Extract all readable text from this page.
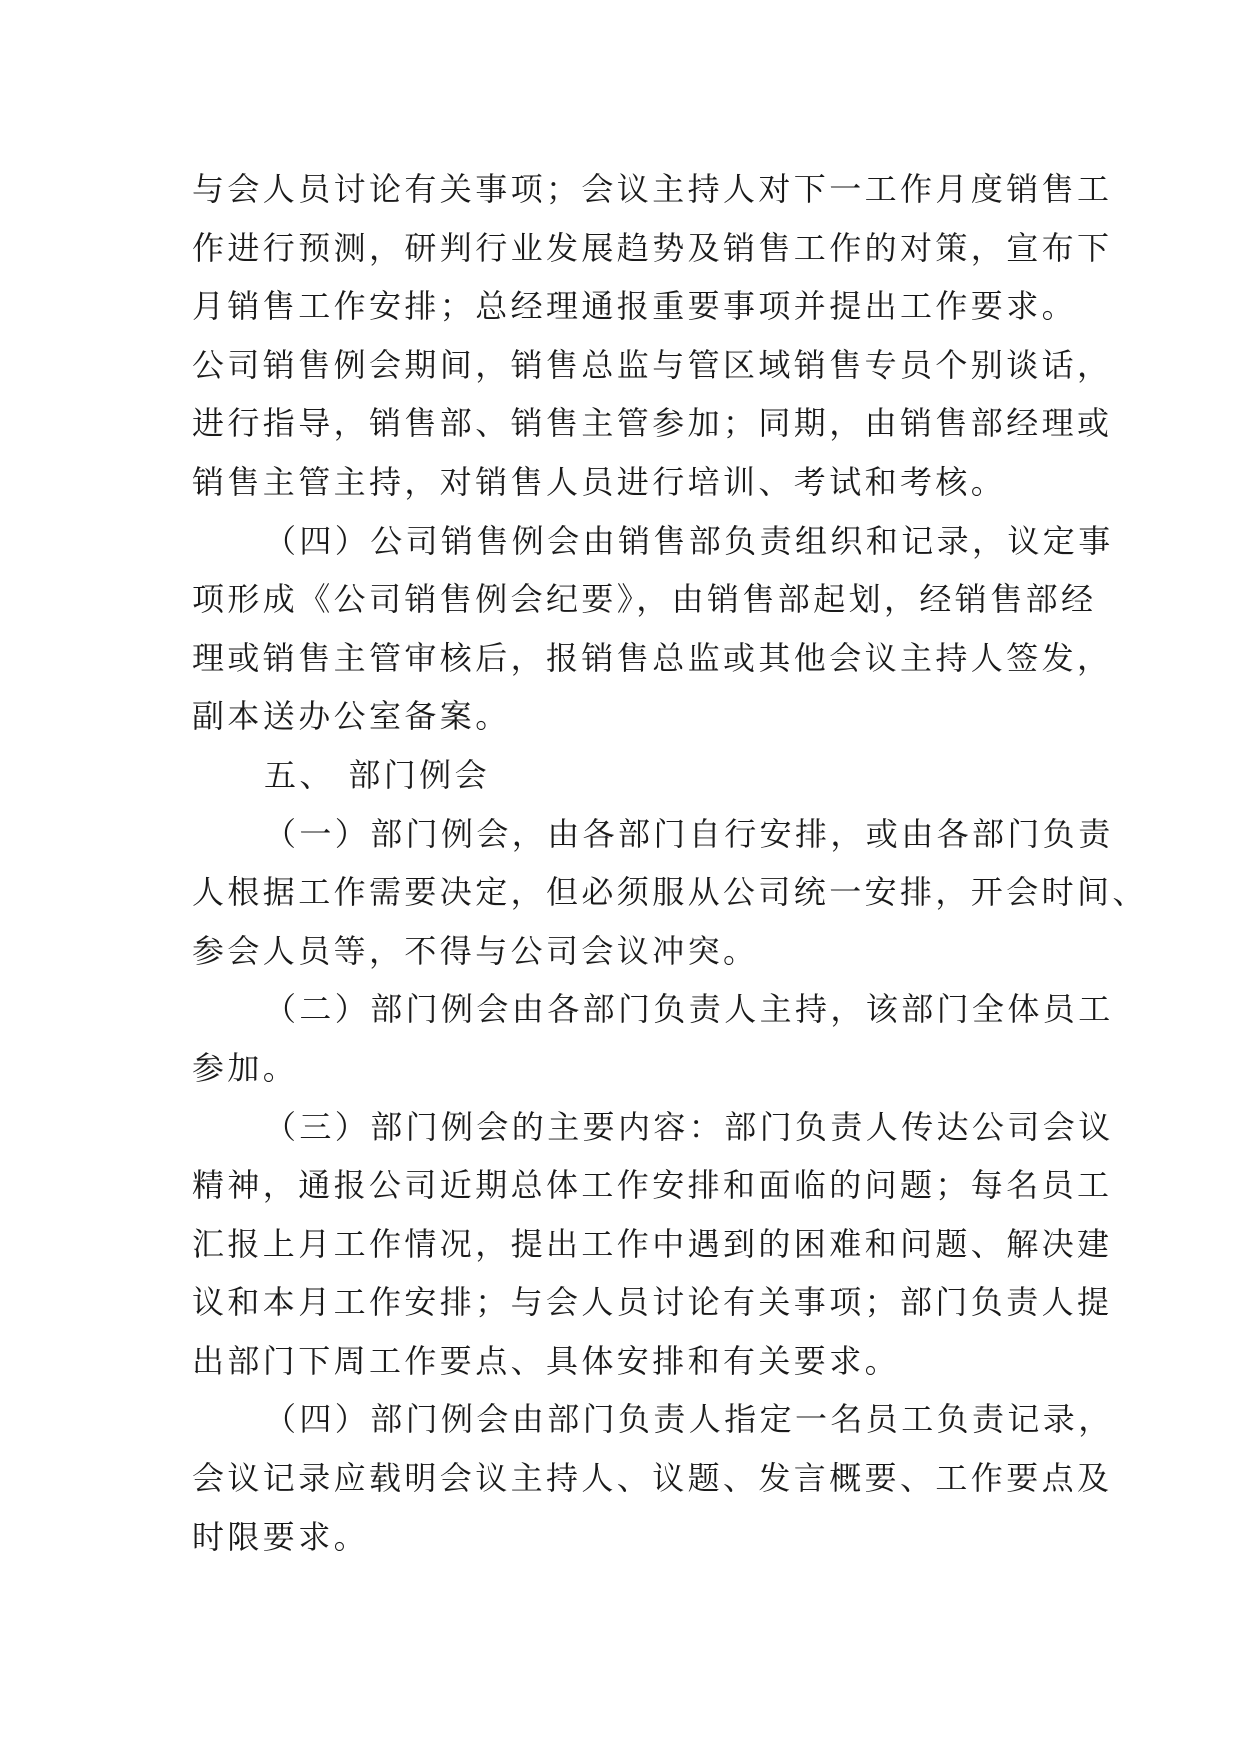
与会人员讨论有关事项；会议主持人对下一工作月度销售工
作进行预测，研判行业发展趋势及销售工作的对策，宣布下
月销售工作安排；总经理通报重要事项并提出工作要求。
公司销售例会期间，销售总监与管区域销售专员个别谈话，
进行指导，销售部、销售主管参加；同期，由销售部经理或
销售主管主持，对销售人员进行培训、考试和考核。
（四）公司销售例会由销售部负责组织和记录，议定事
项形成《公司销售例会纪要》，由销售部起划，经销售部经
理或销售主管审核后，报销售总监或其他会议主持人签发，
副本送办公室备案。
五、 部门例会
（一）部门例会，由各部门自行安排，或由各部门负责
人根据工作需要决定，但必须服从公司统一安排，开会时间、
参会人员等，不得与公司会议冲突。
（二）部门例会由各部门负责人主持，该部门全体员工
参加。
（三）部门例会的主要内容：部门负责人传达公司会议
精神，通报公司近期总体工作安排和面临的问题；每名员工
汇报上月工作情况，提出工作中遇到的困难和问题、解决建
议和本月工作安排；与会人员讨论有关事项；部门负责人提
出部门下周工作要点、具体安排和有关要求。
（四）部门例会由部门负责人指定一名员工负责记录，
会议记录应载明会议主持人、议题、发言概要、工作要点及
时限要求。
